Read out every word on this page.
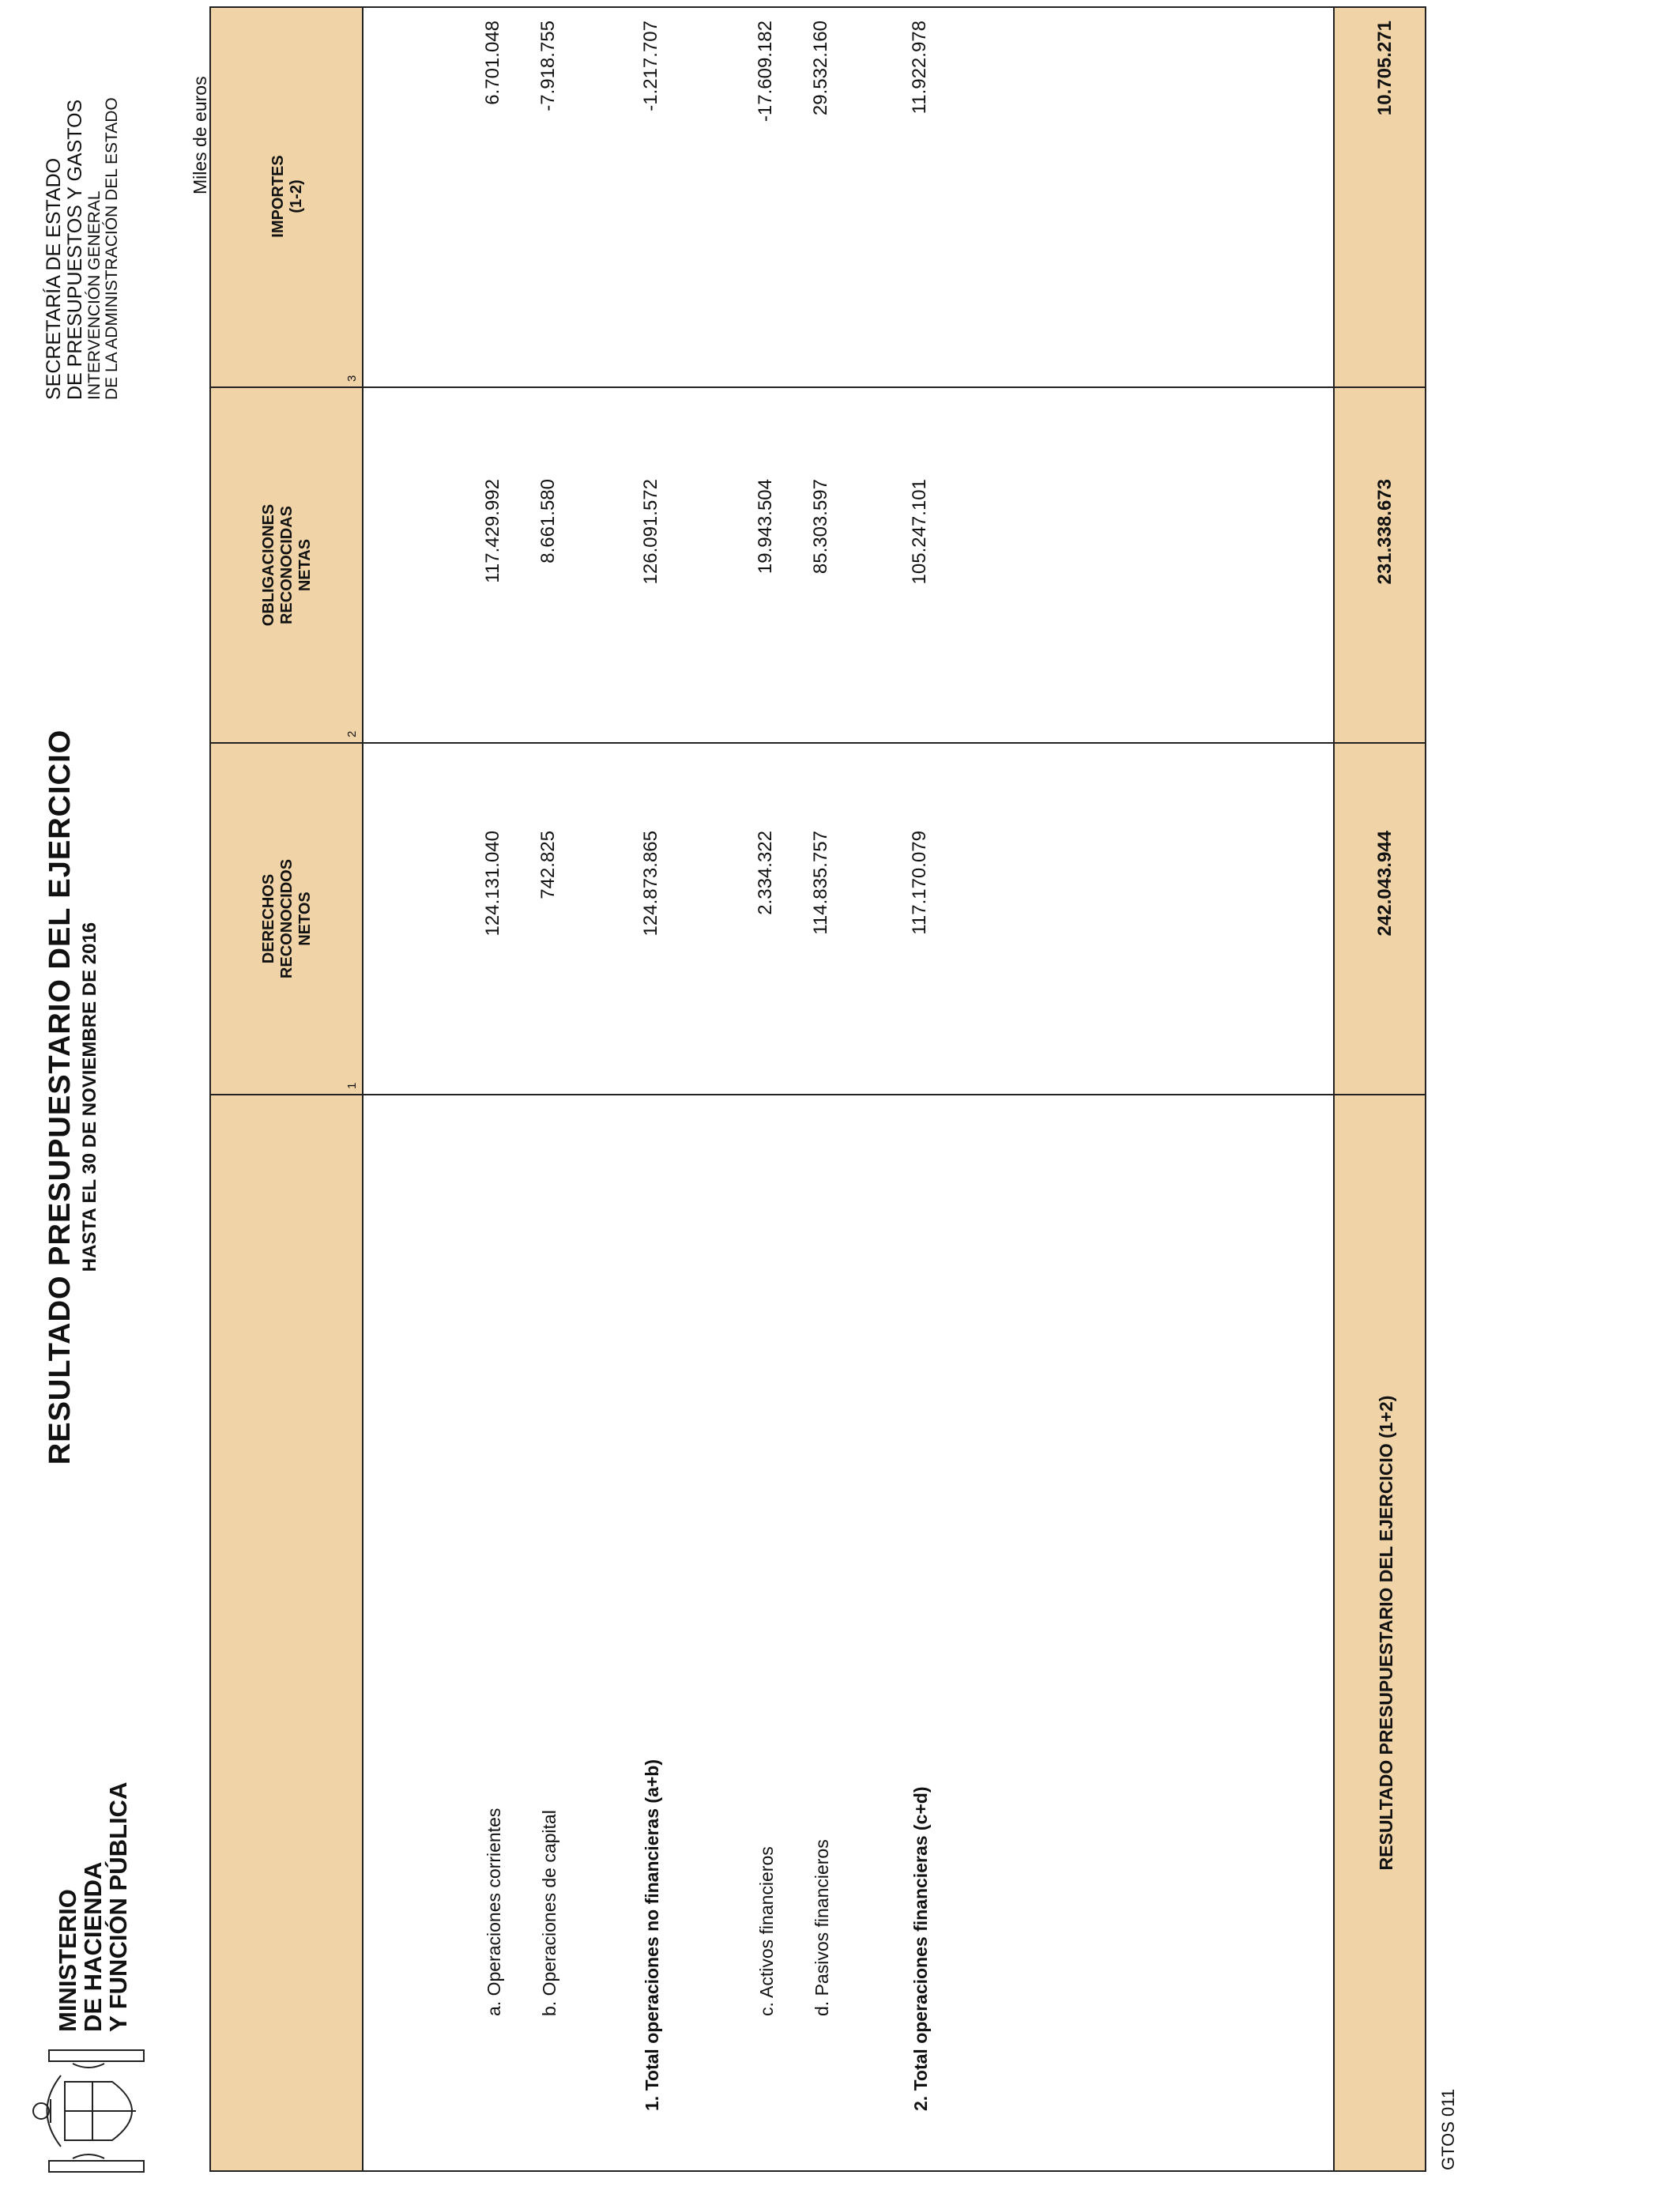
MINISTERIO
DE HACIENDA
Y FUNCIÓN PÚBLICA
RESULTADO PRESUPUESTARIO DEL EJERCICIO HASTA EL 30 DE NOVIEMBRE DE 2016
SECRETARÍA DE ESTADO DE PRESUPUESTOS Y GASTOS INTERVENCIÓN GENERAL DE LA ADMINISTRACIÓN DEL ESTADO	Miles de euros
DERECHOS RECONOCIDOS NETOS
OBLIGACIONES RECONOCIDAS NETAS
IMPORTES (1-2)
1
2
3
a. Operaciones corrientes
124.131.040
117.429.992
6.701.048
b. Operaciones de capital
742.825
8.661.580
-7.918.755
1. Total operaciones no financieras (a+b)
124.873.865
126.091.572
-1.217.707
c. Activos financieros
2.334.322
19.943.504
-17.609.182
d. Pasivos financieros
114.835.757
85.303.597
29.532.160
2. Total operaciones financieras (c+d)
117.170.079
105.247.101
11.922.978
RESULTADO PRESUPUESTARIO DEL EJERCICIO (1+2)
242.043.944
231.338.673
10.705.271
GTOS 011
